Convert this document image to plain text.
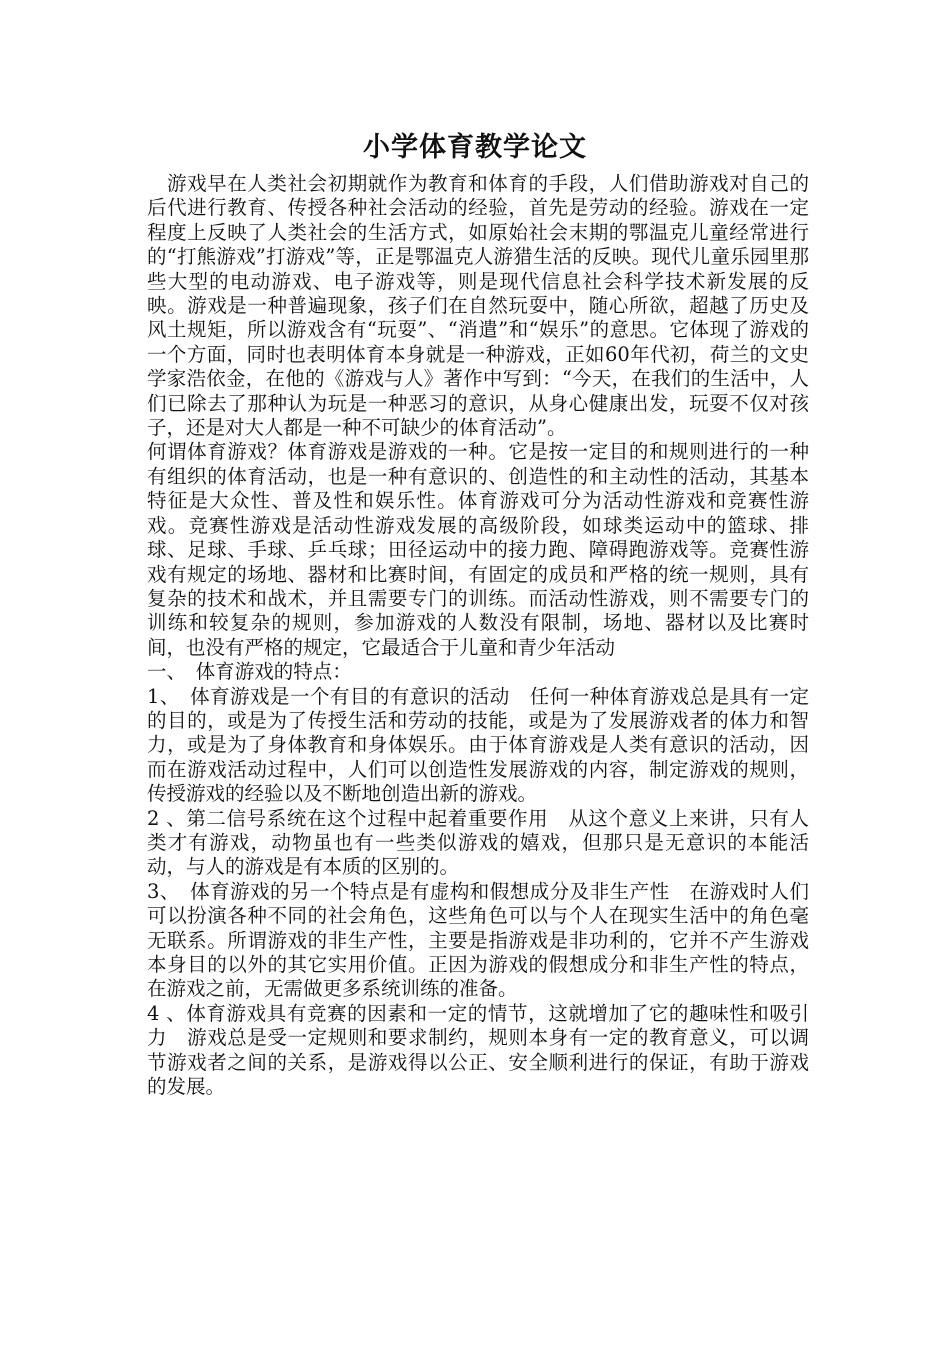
小学体育教学论文

游戏早在人类社会初期就作为教育和体育的手段，人们借助游戏对自己的后代进行教育、传授各种社会活动的经验，首先是劳动的经验。游戏在一定程度上反映了人类社会的生活方式，如原始社会末期的鄂温克儿童经常进行的“打熊游戏”打游戏”等，正是鄂温克人游猎生活的反映。现代儿童乐园里那些大型的电动游戏、电子游戏等，则是现代信息社会科学技术新发展的反映。游戏是一种普遍现象，孩子们在自然玩耍中，随心所欲，超越了历史及风土规矩，所以游戏含有“玩耍”、“消遣”和“娱乐”的意思。它体现了游戏的一个方面，同时也表明体育本身就是一种游戏，正如60年代初，荷兰的文史学家浩依金，在他的《游戏与人》著作中写到：“今天，在我们的生活中，人们已除去了那种认为玩是一种恶习的意识，从身心健康出发，玩耍不仅对孩子，还是对大人都是一种不可缺少的体育活动”。

何谓体育游戏？体育游戏是游戏的一种。它是按一定目的和规则进行的一种有组织的体育活动，也是一种有意识的、创造性的和主动性的活动，其基本特征是大众性、普及性和娱乐性。体育游戏可分为活动性游戏和竞赛性游戏。竞赛性游戏是活动性游戏发展的高级阶段，如球类运动中的篮球、排球、足球、手球、乒乓球；田径运动中的接力跑、障碍跑游戏等。竞赛性游戏有规定的场地、器材和比赛时间，有固定的成员和严格的统一规则，具有复杂的技术和战术，并且需要专门的训练。而活动性游戏，则不需要专门的训练和较复杂的规则，参加游戏的人数没有限制，场地、器材以及比赛时间，也没有严格的规定，它最适合于儿童和青少年活动

一、　体育游戏的特点：

1、　体育游戏是一个有目的有意识的活动　任何一种体育游戏总是具有一定的目的，或是为了传授生活和劳动的技能，或是为了发展游戏者的体力和智力，或是为了身体教育和身体娱乐。由于体育游戏是人类有意识的活动，因而在游戏活动过程中，人们可以创造性发展游戏的内容，制定游戏的规则，传授游戏的经验以及不断地创造出新的游戏。

2 、第二信号系统在这个过程中起着重要作用　从这个意义上来讲，只有人类才有游戏，动物虽也有一些类似游戏的嬉戏，但那只是无意识的本能活动，与人的游戏是有本质的区别的。

3、　体育游戏的另一个特点是有虚构和假想成分及非生产性　在游戏时人们可以扮演各种不同的社会角色，这些角色可以与个人在现实生活中的角色毫无联系。所谓游戏的非生产性，主要是指游戏是非功利的，它并不产生游戏本身目的以外的其它实用价值。正因为游戏的假想成分和非生产性的特点，在游戏之前，无需做更多系统训练的准备。

4 、体育游戏具有竞赛的因素和一定的情节，这就增加了它的趣味性和吸引力　游戏总是受一定规则和要求制约，规则本身有一定的教育意义，可以调节游戏者之间的关系，是游戏得以公正、安全顺利进行的保证，有助于游戏的发展。
